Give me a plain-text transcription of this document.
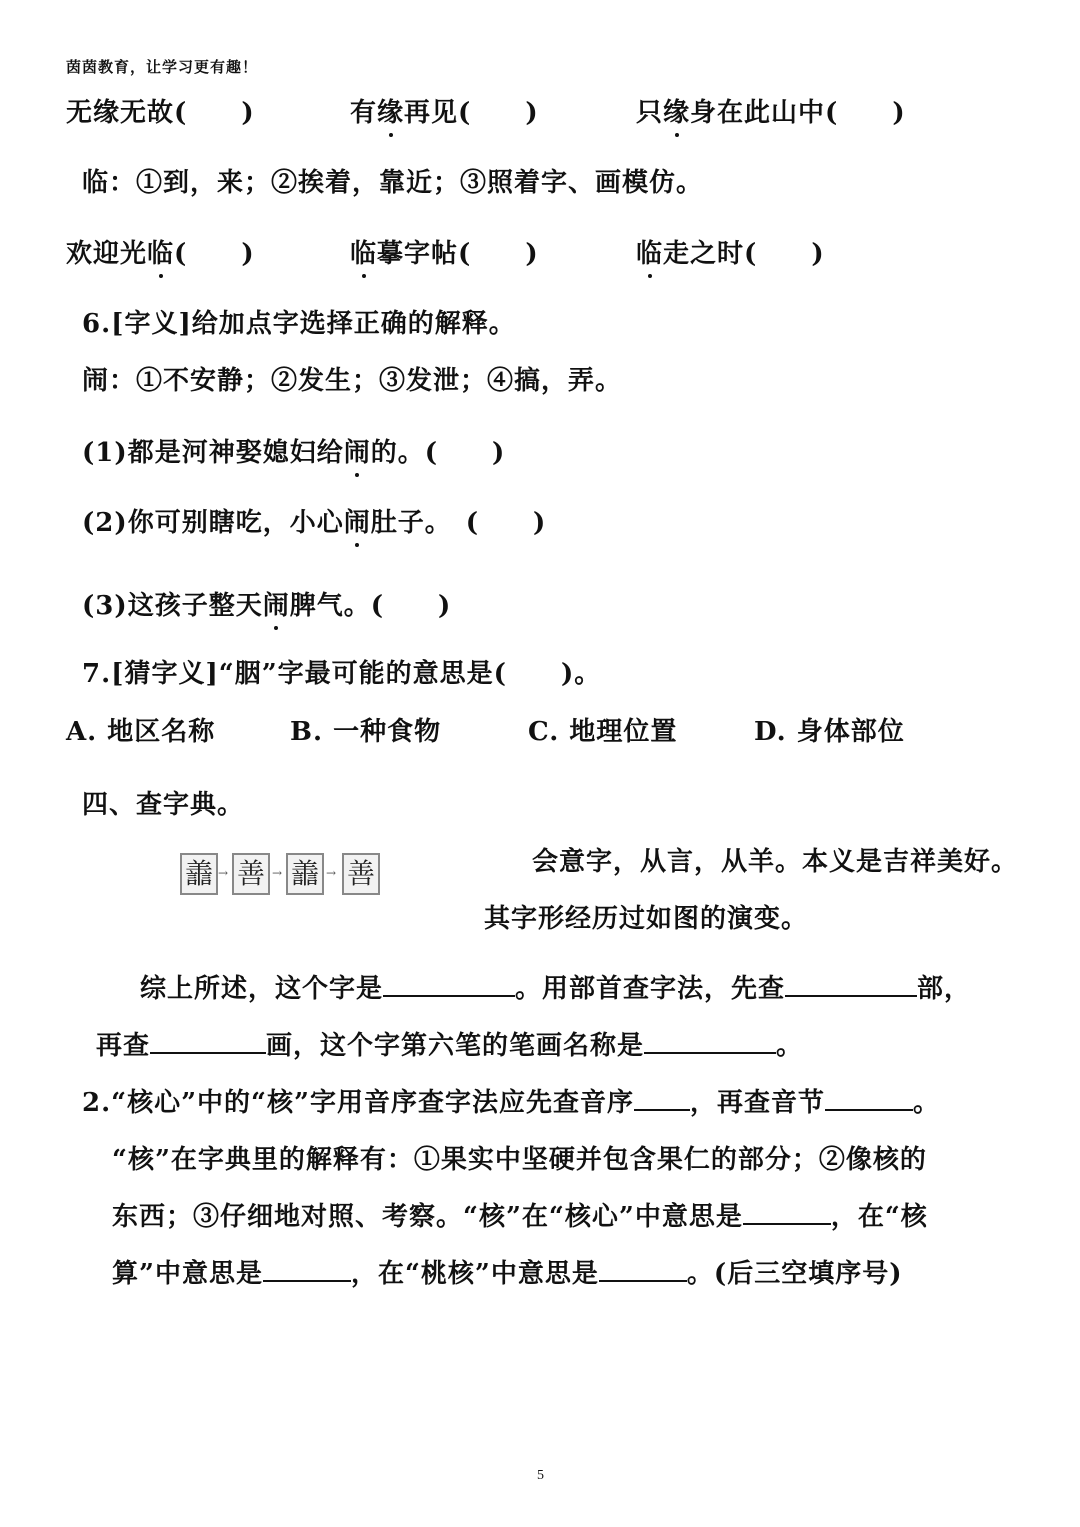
茵茵教育，让学习更有趣！
无缘无故(　　)	有缘再见(　　)	只缘身在此山中(　　)
临：①到，来；②挨着，靠近；③照着字、画模仿。
欢迎光临(　　)	临摹字帖(　　)	临走之时(　　)
6.[字义]给加点字选择正确的解释。
闹：①不安静；②发生；③发泄；④搞，弄。
(1)都是河神娶媳妇给闹的。(　　)
(2)你可别瞎吃，小心闹肚子。　(　　)
(3)这孩子整天闹脾气。(　　)
7.[猜字义]“胭”字最可能的意思是(　　)。
A. 地区名称	B. 一种食物	C. 地理位置	D. 身体部位
四、查字典。
譱 → 善 → 譱 → 善	会意字，从言，从羊。本义是吉祥美好。
其字形经历过如图的演变。
综上所述，这个字是	。用部首查字法，先查	部，
再查	画，这个字第六笔的笔画名称是	。
2.“核心”中的“核”字用音序查字法应先查音序 ，再查音节	。
“核”在字典里的解释有：①果实中坚硬并包含果仁的部分；②像核的
东西；③仔细地对照、考察。“核”在“核心”中意思是	，在“核
算”中意思是	，在“桃核”中意思是	。(后三空填序号)
5
